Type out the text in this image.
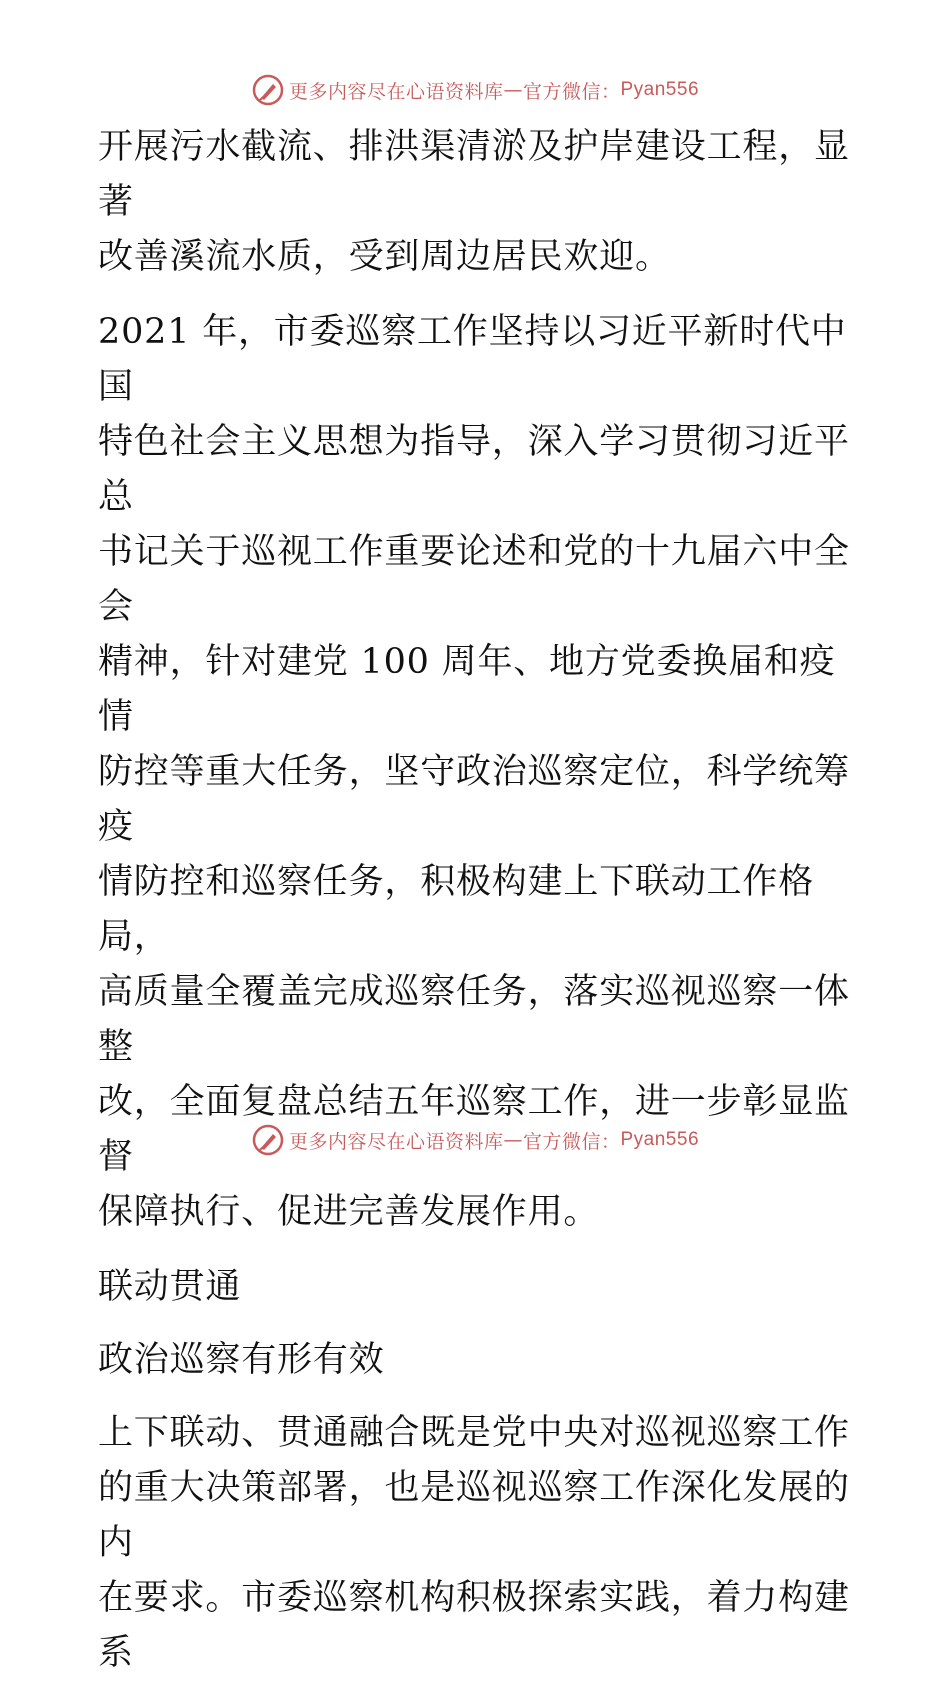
更多内容尽在心语资料库 — 官方微信： Pyan556

开展污水截流、排洪渠清淤及护岸建设工程，显著
改善溪流水质，受到周边居民欢迎。

2021 年，市委巡察工作坚持以习近平新时代中国
特色社会主义思想为指导，深入学习贯彻习近平总
书记关于巡视工作重要论述和党的十九届六中全会
精神，针对建党 100 周年、地方党委换届和疫情
防控等重大任务，坚守政治巡察定位，科学统筹疫
情防控和巡察任务，积极构建上下联动工作格局，
高质量全覆盖完成巡察任务，落实巡视巡察一体整
改，全面复盘总结五年巡察工作，进一步彰显监督
保障执行、促进完善发展作用。

联动贯通

政治巡察有形有效

上下联动、贯通融合既是党中央对巡视巡察工作
的重大决策部署，也是巡视巡察工作深化发展的内
在要求。市委巡察机构积极探索实践，着力构建系

更多内容尽在心语资料库 — 官方微信： Pyan556
